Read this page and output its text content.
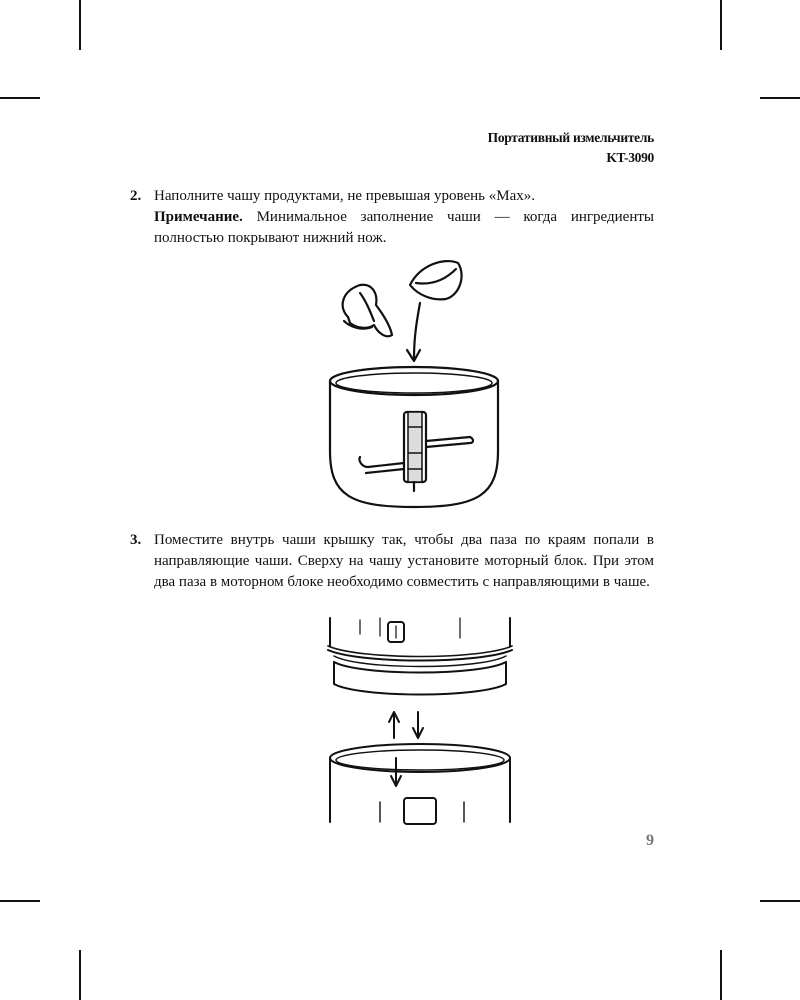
Портативный измельчитель
KT-3090
2. Наполните чашу продуктами, не превышая уровень «Max».
Примечание. Минимальное заполнение чаши — когда ингредиенты полностью покрывают нижний нож.
3. Поместите внутрь чаши крышку так, чтобы два паза по краям попали в направляющие чаши. Сверху на чашу установите моторный блок. При этом два паза в моторном блоке необходимо совместить с направляющими в чаше.
9
